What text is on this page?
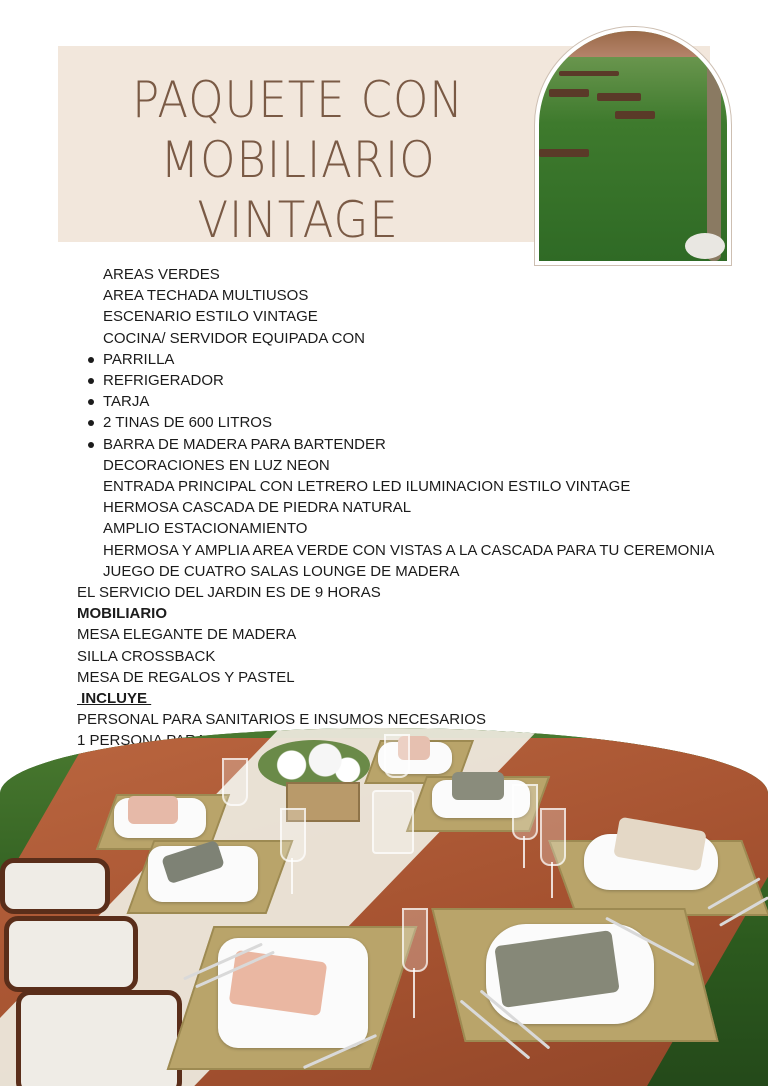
PAQUETE CON
MOBILIARIO
VINTAGE
AREAS VERDES
AREA TECHADA MULTIUSOS
ESCENARIO ESTILO VINTAGE
COCINA/ SERVIDOR EQUIPADA CON
PARRILLA
REFRIGERADOR
TARJA
2 TINAS DE 600 LITROS
BARRA DE MADERA PARA BARTENDER
DECORACIONES EN LUZ NEON
ENTRADA PRINCIPAL CON LETRERO LED ILUMINACION ESTILO VINTAGE
HERMOSA CASCADA DE PIEDRA NATURAL
AMPLIO ESTACIONAMIENTO
HERMOSA Y AMPLIA AREA VERDE CON VISTAS A LA CASCADA PARA TU CEREMONIA
JUEGO DE CUATRO SALAS LOUNGE DE MADERA
EL SERVICIO DEL JARDIN ES DE 9 HORAS
MOBILIARIO
MESA ELEGANTE DE MADERA
SILLA CROSSBACK
MESA DE REGALOS Y PASTEL
INCLUYE
PERSONAL PARA SANITARIOS E INSUMOS NECESARIOS
